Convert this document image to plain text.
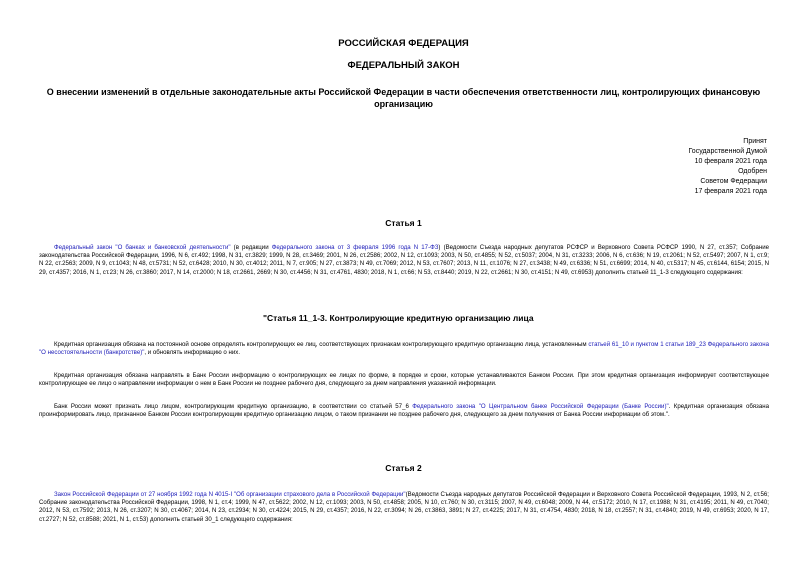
РОССИЙСКАЯ ФЕДЕРАЦИЯ
ФЕДЕРАЛЬНЫЙ ЗАКОН
О внесении изменений в отдельные законодательные акты Российской Федерации в части обеспечения ответственности лиц, контролирующих финансовую организацию
Принят
Государственной Думой
10 февраля 2021 года
Одобрен
Советом Федерации
17 февраля 2021 года
Статья 1
Федеральный закон "О банках и банковской деятельности" (в редакции Федерального закона от 3 февраля 1996 года N 17-ФЗ) (Ведомости Съезда народных депутатов РСФСР и Верховного Совета РСФСР 1990, N 27, ст.357; Собрание законодательства Российской Федерации, 1996, N 6, ст.492; 1998, N 31, ст.3829; 1999, N 28, ст.3469; 2001, N 26, ст.2586; 2002, N 12, ст.1093; 2003, N 50, ст.4855; N 52, ст.5037; 2004, N 31, ст.3233; 2006, N 6, ст.636; N 19, ст.2061; N 52, ст.5497; 2007, N 1, ст.9; N 22, ст.2563; 2009, N 9, ст.1043; N 48, ст.5731; N 52, ст.6428; 2010, N 30, ст.4012; 2011, N 7, ст.905; N 27, ст.3873; N 49, ст.7069; 2012, N 53, ст.7607; 2013, N 11, ст.1076; N 27, ст.3438; N 49, ст.6336; N 51, ст.6699; 2014, N 40, ст.5317; N 45, ст.6144, 6154; 2015, N 29, ст.4357; 2016, N 1, ст.23; N 26, ст.3860; 2017, N 14, ст.2000; N 18, ст.2661, 2669; N 30, ст.4456; N 31, ст.4761, 4830; 2018, N 1, ст.66; N 53, ст.8440; 2019, N 22, ст.2661; N 30, ст.4151; N 49, ст.6953) дополнить статьей 11_1-3 следующего содержания:
"Статья 11_1-3. Контролирующие кредитную организацию лица
Кредитная организация обязана на постоянной основе определять контролирующих ее лиц, соответствующих признакам контролирующего кредитную организацию лица, установленным статьей 61_10 и пунктом 1 статьи 189_23 Федерального закона "О несостоятельности (банкротстве)", и обновлять информацию о них.
Кредитная организация обязана направлять в Банк России информацию о контролирующих ее лицах по форме, в порядке и сроки, которые устанавливаются Банком России. При этом кредитная организация информирует соответствующее контролирующее ее лицо о направлении информации о нем в Банк России не позднее рабочего дня, следующего за днем направления указанной информации.
Банк России может признать лицо лицом, контролирующим кредитную организацию, в соответствии со статьей 57_6 Федерального закона "О Центральном банке Российской Федерации (Банке России)". Кредитная организация обязана проинформировать лицо, признанное Банком России контролирующим кредитную организацию лицом, о таком признании не позднее рабочего дня, следующего за днем получения от Банка России информации об этом.".
Статья 2
Закон Российской Федерации от 27 ноября 1992 года N 4015-I "Об организации страхового дела в Российской Федерации"(Ведомости Съезда народных депутатов Российской Федерации и Верховного Совета Российской Федерации, 1993, N 2, ст.56; Собрание законодательства Российской Федерации, 1998, N 1, ст.4; 1999, N 47, ст.5622; 2002, N 12, ст.1093; 2003, N 50, ст.4858; 2005, N 10, ст.760; N 30, ст.3115; 2007, N 49, ст.6048; 2009, N 44, ст.5172; 2010, N 17, ст.1988; N 31, ст.4195; 2011, N 49, ст.7040; 2012, N 53, ст.7592; 2013, N 26, ст.3207; N 30, ст.4067; 2014, N 23, ст.2934; N 30, ст.4224; 2015, N 29, ст.4357; 2016, N 22, ст.3094; N 26, ст.3863, 3891; N 27, ст.4225; 2017, N 31, ст.4754, 4830; 2018, N 18, ст.2557; N 31, ст.4840; 2019, N 49, ст.6953; 2020, N 17, ст.2727; N 52, ст.8588; 2021, N 1, ст.53) дополнить статьей 30_1 следующего содержания:
